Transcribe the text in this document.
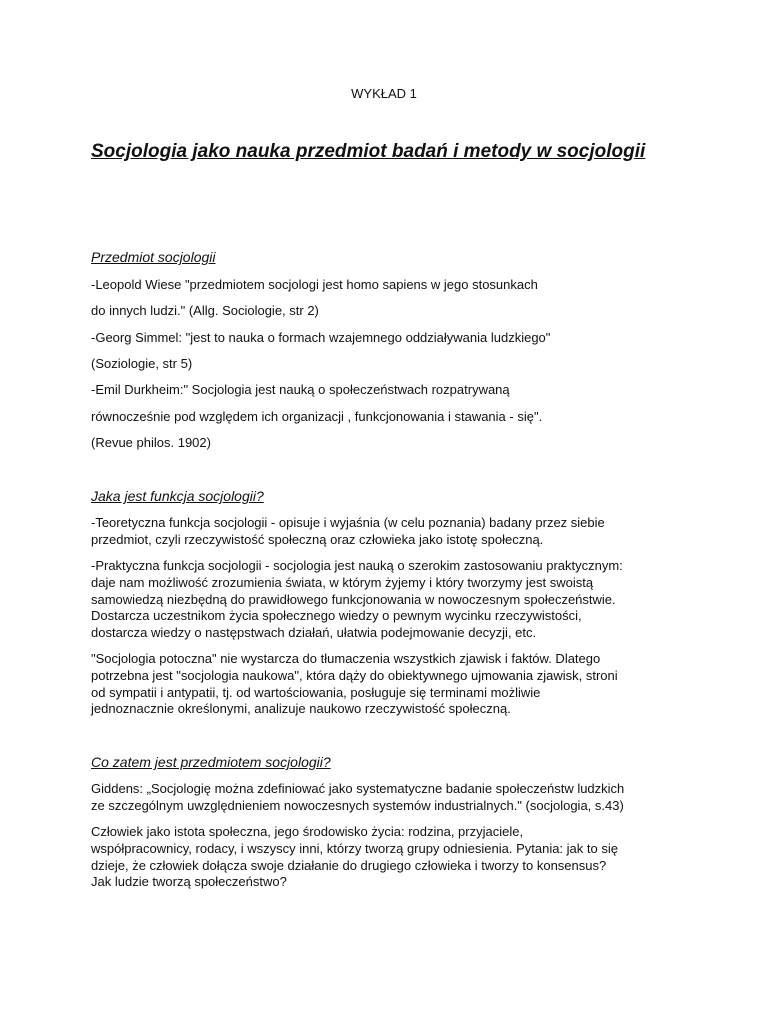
WYKŁAD 1
Socjologia jako nauka przedmiot badań i metody w socjologii
Przedmiot socjologii

-Leopold Wiese "przedmiotem socjologi jest homo sapiens w jego stosunkach

do innych ludzi." (Allg. Sociologie, str 2)

-Georg Simmel: "jest to nauka o formach wzajemnego oddziaływania ludzkiego"

(Soziologie, str 5)

-Emil Durkheim:" Socjologia jest nauką o społeczeństwach rozpatrywaną

równocześnie pod względem ich organizacji , funkcjonowania i stawania - się".

(Revue philos. 1902)

Jaka jest funkcja socjologii?
-Teoretyczna funkcja socjologii - opisuje i wyjaśnia (w celu poznania) badany przez siebie
przedmiot, czyli rzeczywistość społeczną oraz człowieka jako istotę społeczną.
-Praktyczna funkcja socjologii - socjologia jest nauką o szerokim zastosowaniu praktycznym:
daje nam możliwość zrozumienia świata, w którym żyjemy i który tworzymy jest swoistą
samowiedzą niezbędną do prawidłowego funkcjonowania w nowoczesnym społeczeństwie.
Dostarcza uczestnikom życia społecznego wiedzy o pewnym wycinku rzeczywistości,
dostarcza wiedzy o następstwach działań, ułatwia podejmowanie decyzji, etc.
"Socjologia potoczna" nie wystarcza do tłumaczenia wszystkich zjawisk i faktów. Dlatego
potrzebna jest "socjologia naukowa", która dąży do obiektywnego ujmowania zjawisk, stroni
od sympatii i antypatii, tj. od wartościowania, posługuje się terminami możliwie
jednoznacznie określonymi, analizuje naukowo rzeczywistość społeczną.
Co zatem jest przedmiotem socjologii?
Giddens: „Socjologię można zdefiniować jako systematyczne badanie społeczeństw ludzkich
ze szczególnym uwzględnieniem nowoczesnych systemów industrialnych." (socjologia, s.43)
Człowiek jako istota społeczna, jego środowisko życia: rodzina, przyjaciele,
współpracownicy, rodacy, i wszyscy inni, którzy tworzą grupy odniesienia. Pytania: jak to się
dzieje, że człowiek dołącza swoje działanie do drugiego człowieka i tworzy to konsensus?
Jak ludzie tworzą społeczeństwo?
